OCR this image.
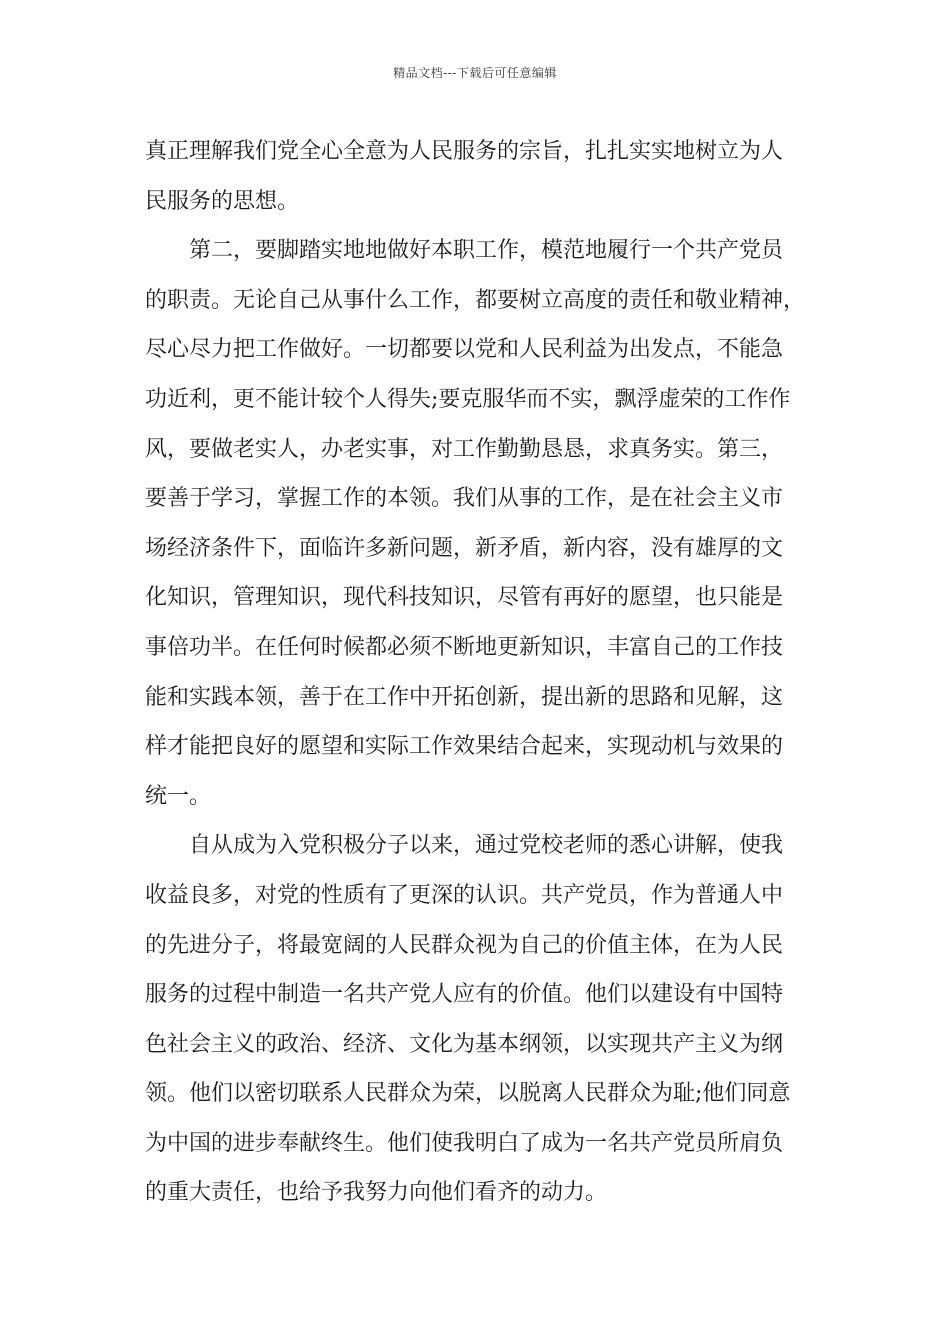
精品文档---下载后可任意编辑

真正理解我们党全心全意为人民服务的宗旨，扎扎实实地树立为人
民服务的思想。

第二，要脚踏实地地做好本职工作，模范地履行一个共产党员
的职责。无论自己从事什么工作，都要树立高度的责任和敬业精神，
尽心尽力把工作做好。一切都要以党和人民利益为出发点，不能急
功近利，更不能计较个人得失;要克服华而不实，飘浮虚荣的工作作
风，要做老实人，办老实事，对工作勤勤恳恳，求真务实。第三，
要善于学习，掌握工作的本领。我们从事的工作，是在社会主义市
场经济条件下，面临许多新问题，新矛盾，新内容，没有雄厚的文
化知识，管理知识，现代科技知识，尽管有再好的愿望，也只能是
事倍功半。在任何时候都必须不断地更新知识，丰富自己的工作技
能和实践本领，善于在工作中开拓创新，提出新的思路和见解，这
样才能把良好的愿望和实际工作效果结合起来，实现动机与效果的
统一。

自从成为入党积极分子以来，通过党校老师的悉心讲解，使我
收益良多，对党的性质有了更深的认识。共产党员，作为普通人中
的先进分子，将最宽阔的人民群众视为自己的价值主体，在为人民
服务的过程中制造一名共产党人应有的价值。他们以建设有中国特
色社会主义的政治、经济、文化为基本纲领，以实现共产主义为纲
领。他们以密切联系人民群众为荣，以脱离人民群众为耻;他们同意
为中国的进步奉献终生。他们使我明白了成为一名共产党员所肩负
的重大责任，也给予我努力向他们看齐的动力。
